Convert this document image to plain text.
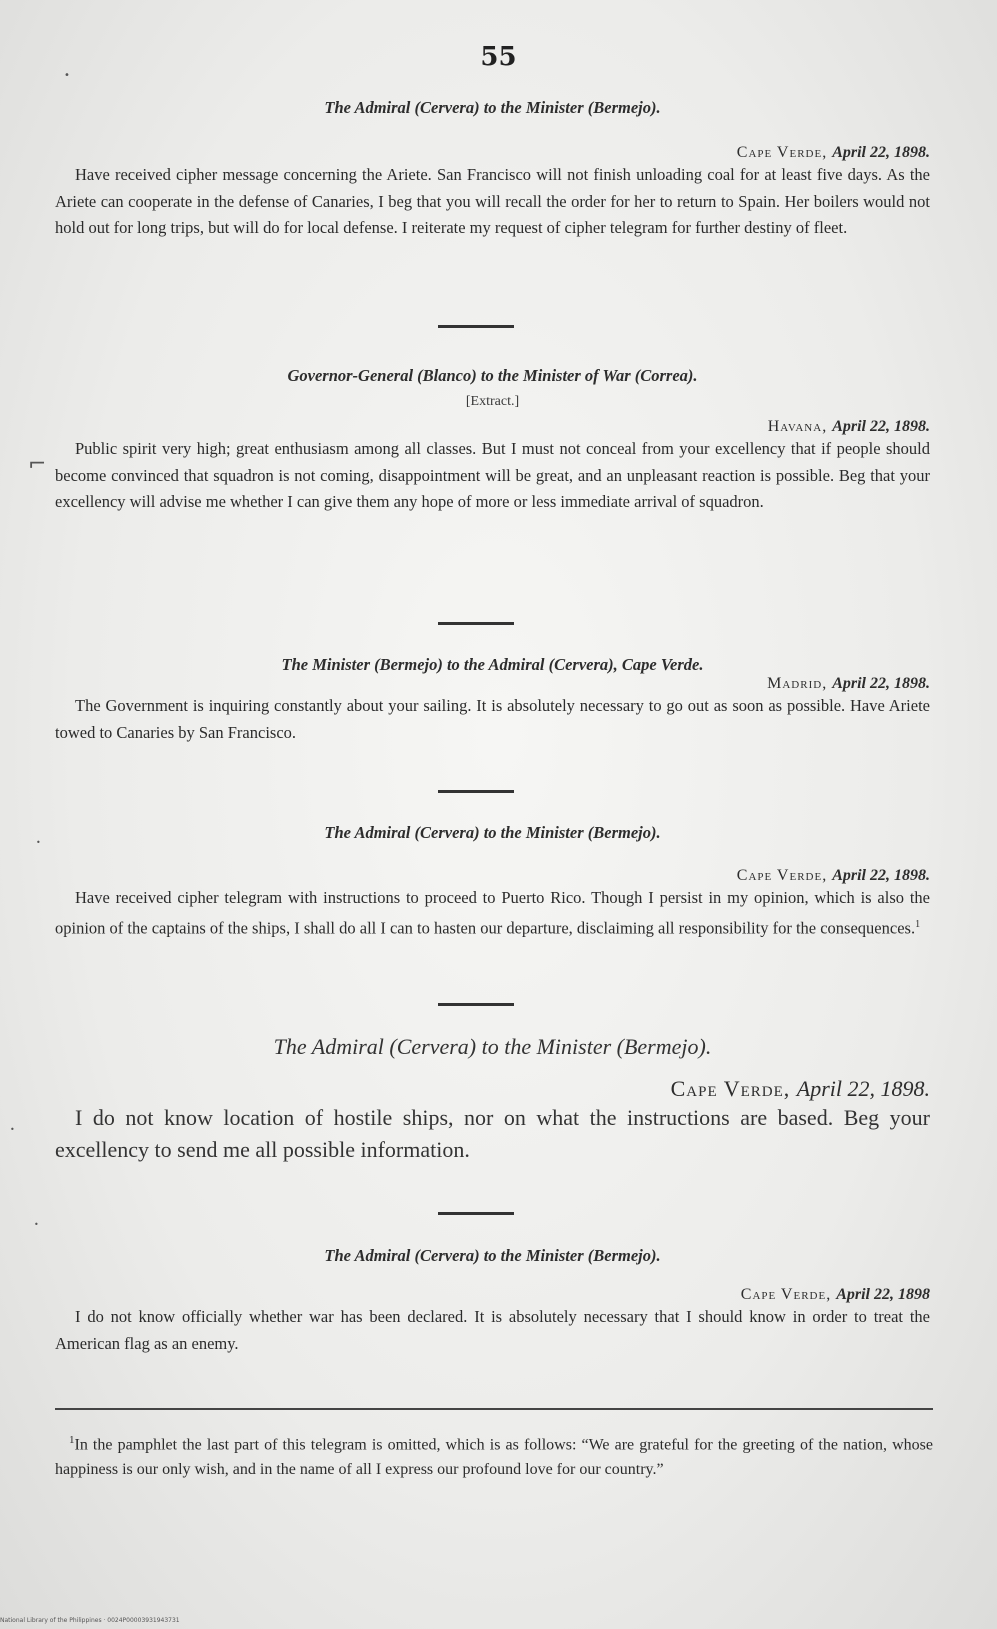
55
The Admiral (Cervera) to the Minister (Bermejo).
Cape Verde, April 22, 1898.

Have received cipher message concerning the Ariete. San Francisco will not finish unloading coal for at least five days. As the Ariete can cooperate in the defense of Canaries, I beg that you will recall the order for her to return to Spain. Her boilers would not hold out for long trips, but will do for local defense. I reiterate my request of cipher telegram for further destiny of fleet.

Governor-General (Blanco) to the Minister of War (Correa).
[Extract.]
Havana, April 22, 1898.

Public spirit very high; great enthusiasm among all classes. But I must not conceal from your excellency that if people should become convinced that squadron is not coming, disappointment will be great, and an unpleasant reaction is possible. Beg that your excellency will advise me whether I can give them any hope of more or less immediate arrival of squadron.

The Minister (Bermejo) to the Admiral (Cervera), Cape Verde.
Madrid, April 22, 1898.

The Government is inquiring constantly about your sailing. It is absolutely necessary to go out as soon as possible. Have Ariete towed to Canaries by San Francisco.

The Admiral (Cervera) to the Minister (Bermejo).
Cape Verde, April 22, 1898.

Have received cipher telegram with instructions to proceed to Puerto Rico. Though I persist in my opinion, which is also the opinion of the captains of the ships, I shall do all I can to hasten our departure, disclaiming all responsibility for the consequences.$^1$

The Admiral (Cervera) to the Minister (Bermejo).
Cape Verde, April 22, 1898.

I do not know location of hostile ships, nor on what the instructions are based. Beg your excellency to send me all possible information.

The Admiral (Cervera) to the Minister (Bermejo).
Cape Verde, April 22, 1898

I do not know officially whether war has been declared. It is absolutely necessary that I should know in order to treat the American flag as an enemy.

$^1$In the pamphlet the last part of this telegram is omitted, which is as follows: “We are grateful for the greeting of the nation, whose happiness is our only wish, and in the name of all I express our profound love for our country.”
•
⌐
•
•
•
National Library of the Philippines · 0024P00003931943731
